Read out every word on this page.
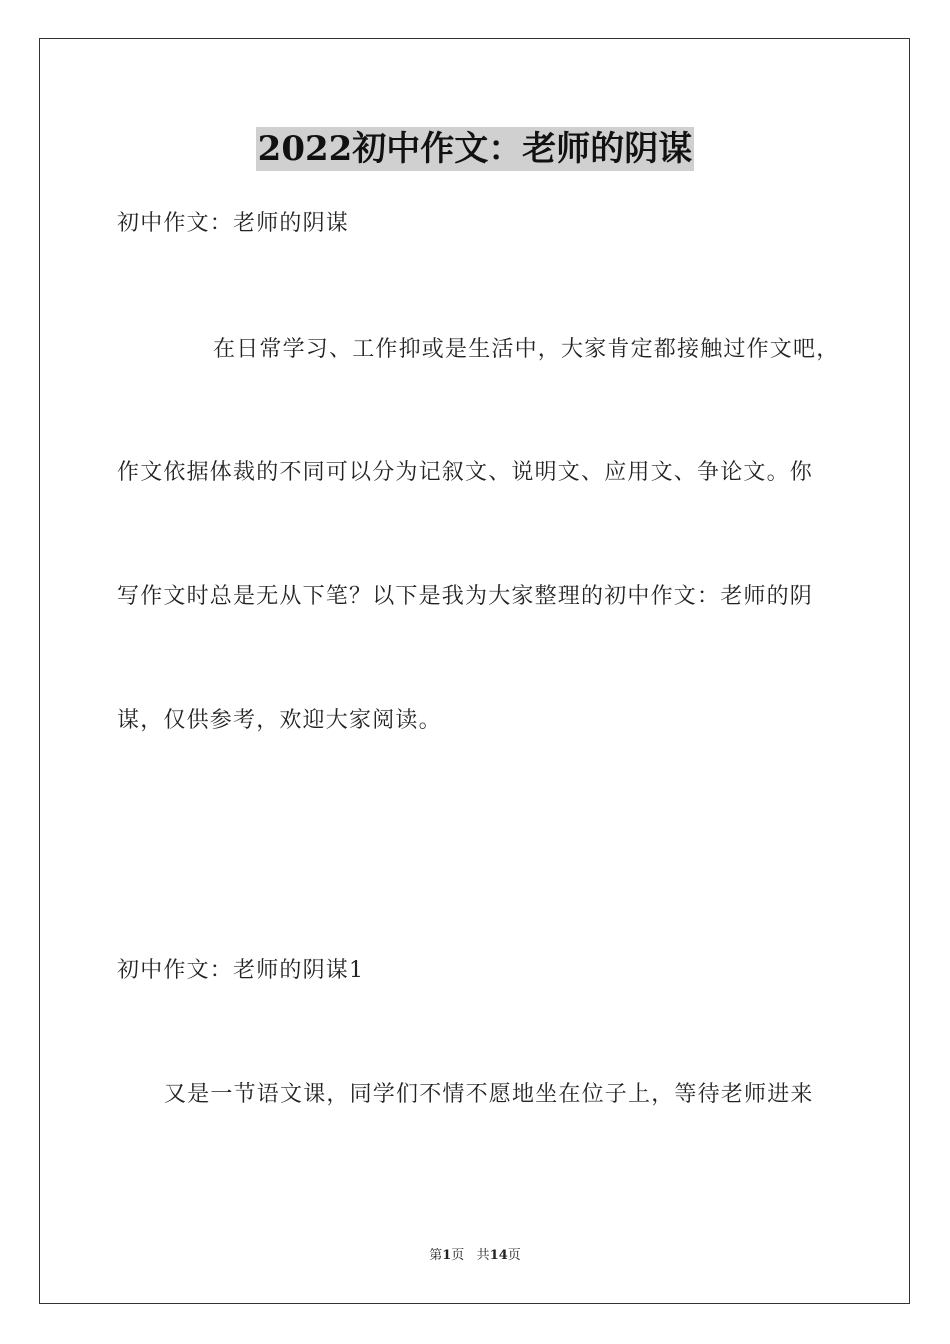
2022初中作文：老师的阴谋
初中作文：老师的阴谋
在日常学习、工作抑或是生活中，大家肯定都接触过作文吧，
作文依据体裁的不同可以分为记叙文、说明文、应用文、争论文。你
写作文时总是无从下笔？以下是我为大家整理的初中作文：老师的阴
谋，仅供参考，欢迎大家阅读。
初中作文：老师的阴谋1
又是一节语文课，同学们不情不愿地坐在位子上，等待老师进来
第1页 共14页
